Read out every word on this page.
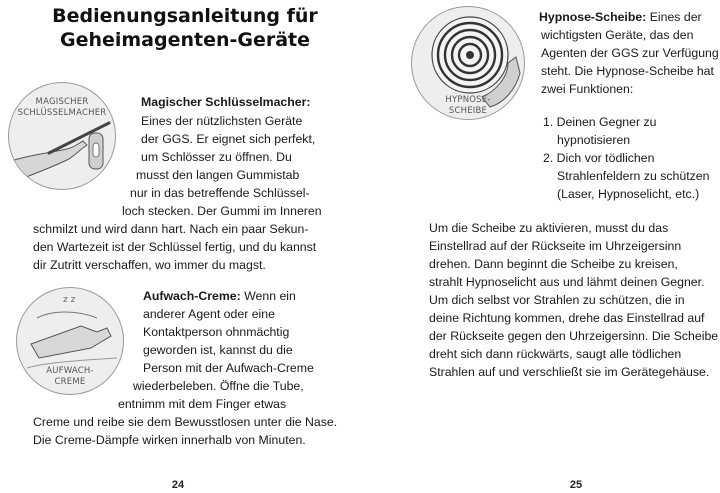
Bedienungsanleitung für
Geheimagenten-Geräte
MAGISCHER
SCHLÜSSELMACHER
Magischer Schlüsselmacher:
Eines der nützlichsten Geräte
der GGS. Er eignet sich perfekt,
um Schlösser zu öffnen. Du
musst den langen Gummistab
nur in das betreffende Schlüssel-
loch stecken. Der Gummi im Inneren
schmilzt und wird dann hart. Nach ein paar Sekun-
den Wartezeit ist der Schlüssel fertig, und du kannst
dir Zutritt verschaffen, wo immer du magst.
z z
AUFWACH-
CREME
Aufwach-Creme: Wenn ein
anderer Agent oder eine
Kontaktperson ohnmächtig
geworden ist, kannst du die
Person mit der Aufwach-Creme
wiederbeleben. Öffne die Tube,
entnimm mit dem Finger etwas
Creme und reibe sie dem Bewusstlosen unter die Nase.
Die Creme-Dämpfe wirken innerhalb von Minuten.
24
HYPNOSE-
SCHEIBE
Hypnose-Scheibe: Eines der
wichtigsten Geräte, das den
Agenten der GGS zur Verfügung
steht. Die Hypnose-Scheibe hat
zwei Funktionen:
1. Deinen Gegner zu
hypnotisieren
2. Dich vor tödlichen
Strahlenfeldern zu schützen
(Laser, Hypnoselicht, etc.)
Um die Scheibe zu aktivieren, musst du das
Einstellrad auf der Rückseite im Uhrzeigersinn
drehen. Dann beginnt die Scheibe zu kreisen,
strahlt Hypnoselicht aus und lähmt deinen Gegner.
Um dich selbst vor Strahlen zu schützen, die in
deine Richtung kommen, drehe das Einstellrad auf
der Rückseite gegen den Uhrzeigersinn. Die Scheibe
dreht sich dann rückwärts, saugt alle tödlichen
Strahlen auf und verschließt sie im Gerätegehäuse.
25
